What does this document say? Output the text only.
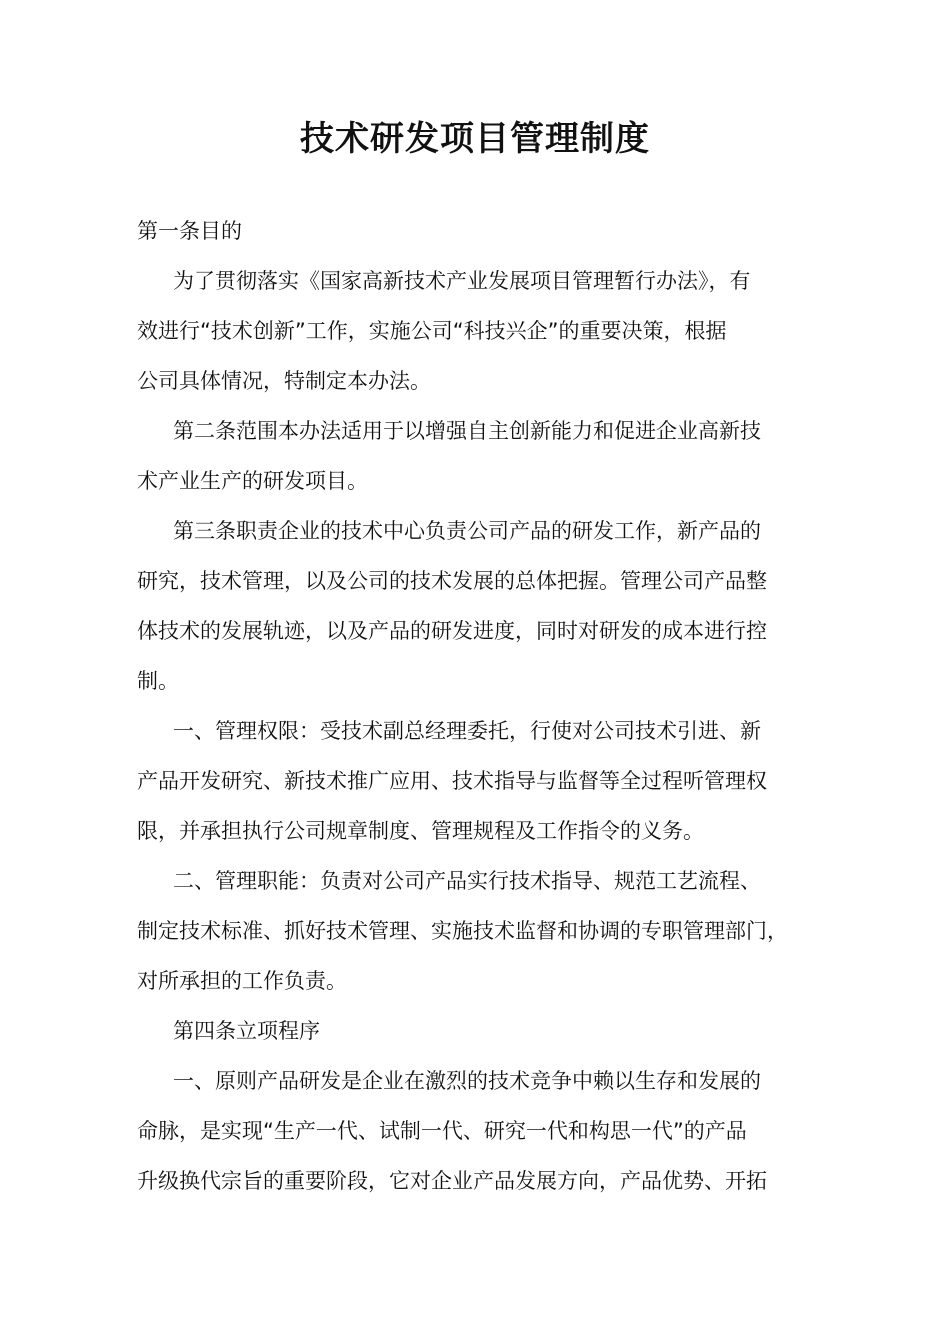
技术研发项目管理制度
第一条目的
为了贯彻落实《国家高新技术产业发展项目管理暂行办法》，有
效进行“技术创新”工作，实施公司“科技兴企”的重要决策，根据
公司具体情况，特制定本办法。
第二条范围本办法适用于以增强自主创新能力和促进企业高新技
术产业生产的研发项目。
第三条职责企业的技术中心负责公司产品的研发工作，新产品的
研究，技术管理，以及公司的技术发展的总体把握。管理公司产品整
体技术的发展轨迹，以及产品的研发进度，同时对研发的成本进行控
制。
一、管理权限：受技术副总经理委托，行使对公司技术引进、新
产品开发研究、新技术推广应用、技术指导与监督等全过程听管理权
限，并承担执行公司规章制度、管理规程及工作指令的义务。
二、管理职能：负责对公司产品实行技术指导、规范工艺流程、
制定技术标准、抓好技术管理、实施技术监督和协调的专职管理部门，
对所承担的工作负责。
第四条立项程序
一、原则产品研发是企业在激烈的技术竞争中赖以生存和发展的
命脉，是实现“生产一代、试制一代、研究一代和构思一代”的产品
升级换代宗旨的重要阶段，它对企业产品发展方向，产品优势、开拓
